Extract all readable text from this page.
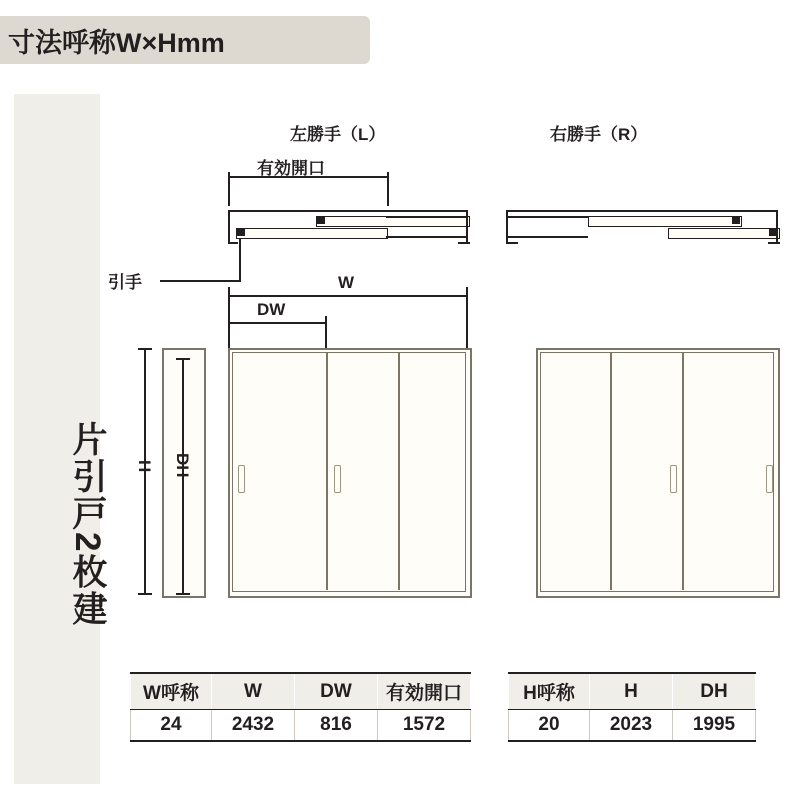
寸法呼称W×Hmm
片引戸2枚建
左勝手（L）	右勝手（R）
有効開口
引手	W
DW
H DH
W呼称	W	DW	有効開口
24	2432	816	1572
H呼称	H	DH
20	2023	1995
